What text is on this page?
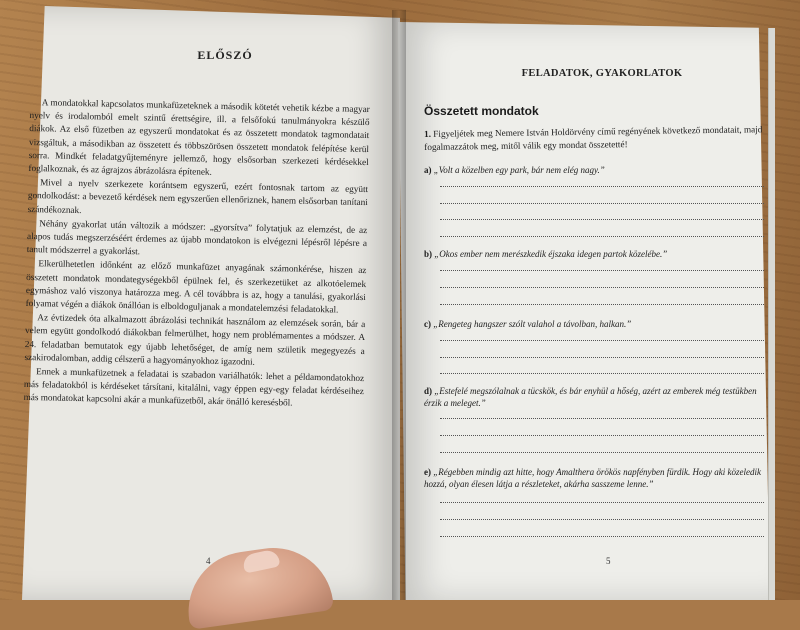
ELŐSZÓ

A mondatokkal kapcsolatos munkafüzeteknek a második kötetét vehetik kézbe a magyar nyelv és irodalomból emelt szintű érettségire, ill. a felsőfokú tanulmányokra készülő diákok. Az első füzetben az egyszerű mondatokat és az összetett mondatok tagmondatait vizsgáltuk, a másodikban az összetett és többszörösen összetett mondatok felépítése kerül sorra. Mindkét feladatgyűjteményre jellemző, hogy elsősorban szerkezeti kérdésekkel foglalkoznak, és az ágrajzos ábrázolásra építenek.

Mivel a nyelv szerkezete korántsem egyszerű, ezért fontosnak tartom az együtt gondolkodást: a bevezető kérdések nem egyszerűen ellenőriznek, hanem elsősorban tanítani szándékoznak.

Néhány gyakorlat után változik a módszer: „gyorsítva” folytatjuk az elemzést, de az alapos tudás megszerzéséért érdemes az újabb mondatokon is elvégezni lépésről lépésre a tanult módszerrel a gyakorlást.

Elkerülhetetlen időnként az előző munkafüzet anyagának számonkérése, hiszen az összetett mondatok mondategységekből épülnek fel, és szerkezetüket az alkotóelemek egymáshoz való viszonya határozza meg. A cél továbbra is az, hogy a tanulási, gyakorlási folyamat végén a diákok önállóan is elboldoguljanak a mondatelemzési feladatokkal.

Az évtizedek óta alkalmazott ábrázolási technikát használom az elemzések során, bár a velem együtt gondolkodó diákokban felmerülhet, hogy nem problémamentes a módszer. A 24. feladatban bemutatok egy újabb lehetőséget, de amíg nem születik megegyezés a szakirodalomban, addig célszerű a hagyományokhoz igazodni.

Ennek a munkafüzetnek a feladatai is szabadon variálhatók: lehet a példamondatokhoz más feladatokból is kérdéseket társítani, kitalálni, vagy éppen egy-egy feladat kérdéseihez más mondatokat kapcsolni akár a munkafüzetből, akár önálló keresésből.

4
FELADATOK, GYAKORLATOK
Összetett mondatok
1. Figyeljétek meg Nemere István Holdörvény című regényének következő mondatait, majd fogalmazzátok meg, mitől válik egy mondat összetetté!
a) „Volt a közelben egy park, bár nem elég nagy.”
b) „Okos ember nem merészkedik éjszaka idegen partok közelébe.”
c) „Rengeteg hangszer szólt valahol a távolban, halkan.”
d) „Estefelé megszólalnak a tücskök, és bár enyhül a hőség, azért az emberek még testükben érzik a meleget.”
e) „Régebben mindig azt hitte, hogy Amalthera örökös napfényben fürdik. Hogy aki közeledik hozzá, olyan élesen látja a részleteket, akárha sasszeme lenne.”
5
